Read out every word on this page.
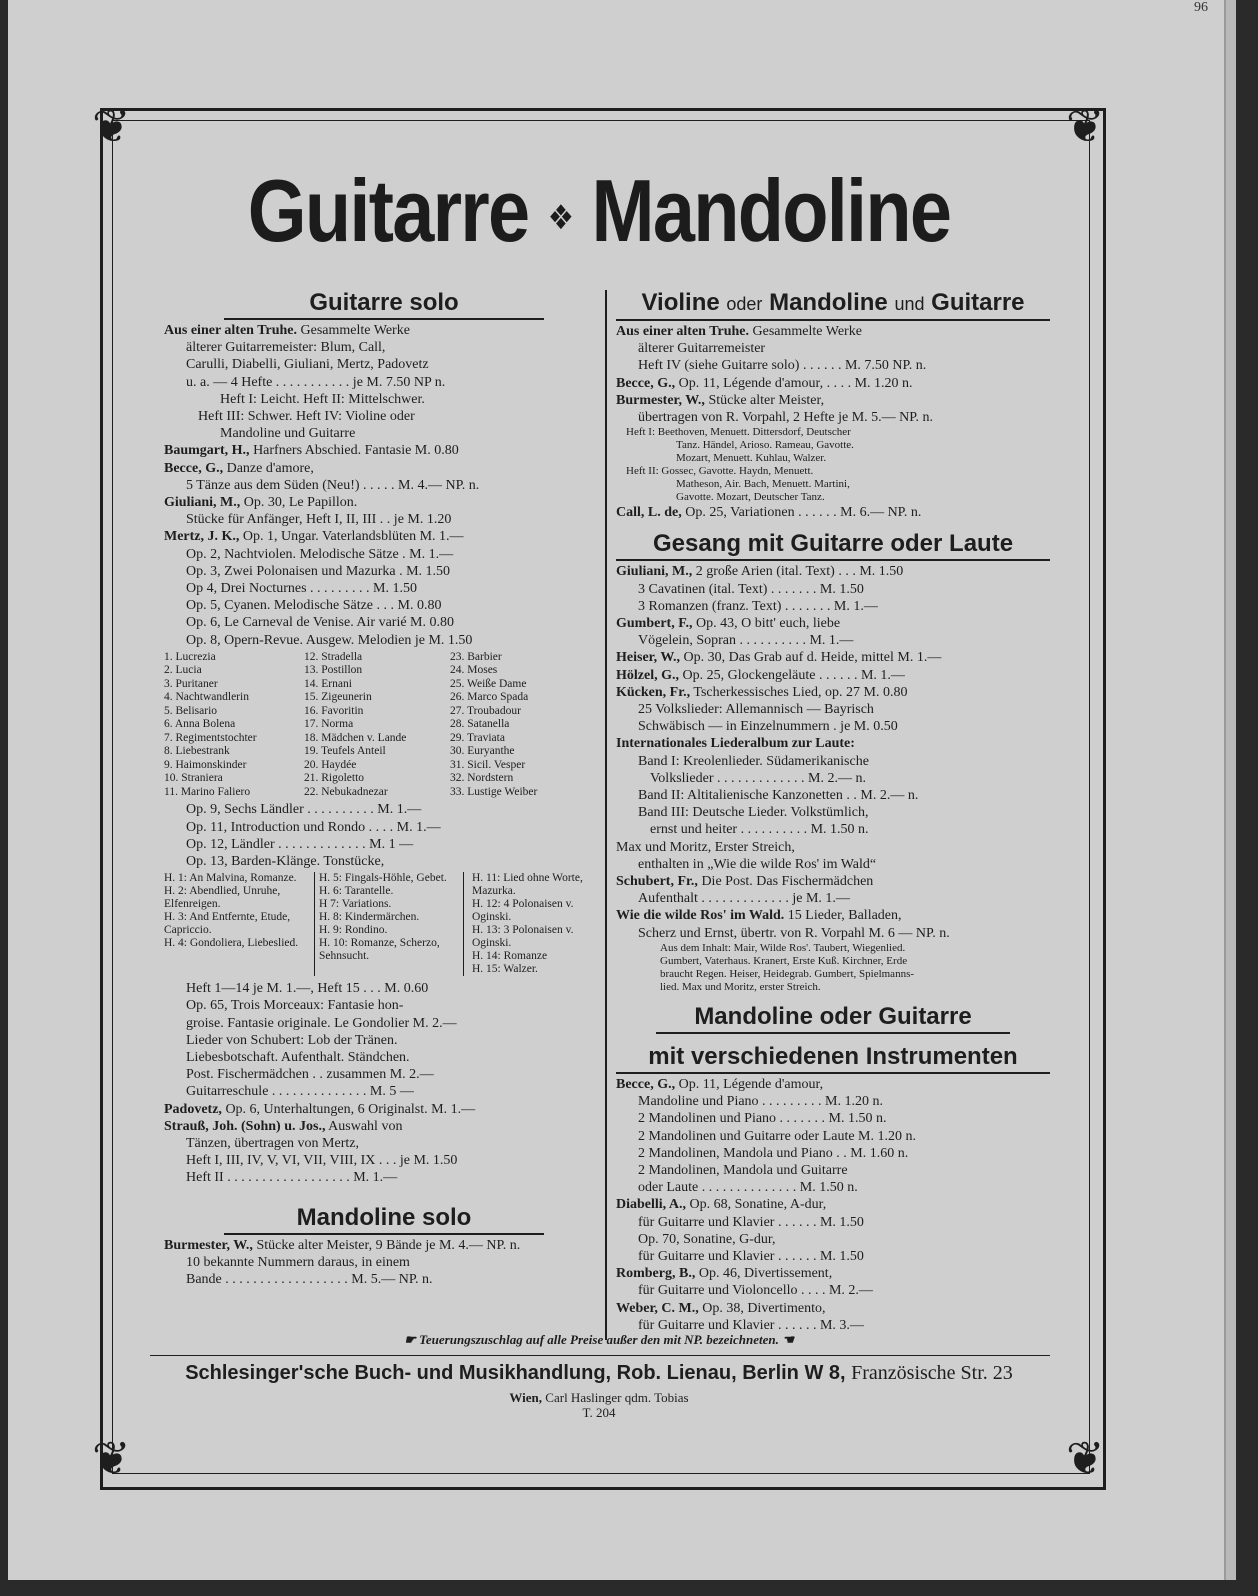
96
❦	❦
❦	❦
Guitarre ❖ Mandoline
Guitarre solo
Aus einer alten Truhe. Gesammelte Werke
älterer Guitarremeister: Blum, Call,
Carulli, Diabelli, Giuliani, Mertz, Padovetz
u. a. — 4 Hefte . . . . . . . . . . . je M. 7.50 NP n.
Heft I: Leicht. Heft II: Mittelschwer.
Heft III: Schwer. Heft IV: Violine oder
Mandoline und Guitarre
Baumgart, H., Harfners Abschied. Fantasie M. 0.80
Becce, G., Danze d'amore,
5 Tänze aus dem Süden (Neu!) . . . . . M. 4.— NP. n.
Giuliani, M., Op. 30, Le Papillon.
Stücke für Anfänger, Heft I, II, III . . je M. 1.20
Mertz, J. K., Op. 1, Ungar. Vaterlandsblüten M. 1.—
Op. 2, Nachtviolen. Melodische Sätze . M. 1.—
Op. 3, Zwei Polonaisen und Mazurka . M. 1.50
Op 4, Drei Nocturnes . . . . . . . . . M. 1.50
Op. 5, Cyanen. Melodische Sätze . . . M. 0.80
Op. 6, Le Carneval de Venise. Air varié M. 0.80
Op. 8, Opern-Revue. Ausgew. Melodien je M. 1.50
1. Lucrezia	12. Stradella	23. Barbier
2. Lucia	13. Postillon	24. Moses
3. Puritaner	14. Ernani	25. Weiße Dame
4. Nachtwandlerin	15. Zigeunerin	26. Marco Spada
5. Belisario	16. Favoritin	27. Troubadour
6. Anna Bolena	17. Norma	28. Satanella
7. Regimentstochter	18. Mädchen v. Lande	29. Traviata
8. Liebestrank	19. Teufels Anteil	30. Euryanthe
9. Haimonskinder	20. Haydée	31. Sicil. Vesper
10. Straniera	21. Rigoletto	32. Nordstern
11. Marino Faliero	22. Nebukadnezar	33. Lustige Weiber
Op. 9, Sechs Ländler . . . . . . . . . . M. 1.—
Op. 11, Introduction und Rondo . . . . M. 1.—
Op. 12, Ländler . . . . . . . . . . . . . M. 1 —
Op. 13, Barden-Klänge. Tonstücke,
H. 1: An Malvina, Romanze.
H. 2: Abendlied, Unruhe, Elfenreigen.
H. 3: And Entfernte, Etude, Capriccio.
H. 4: Gondoliera, Liebeslied.
H. 5: Fingals-Höhle, Gebet.
H. 6: Tarantelle.
H 7: Variations.
H. 8: Kindermärchen.
H. 9: Rondino.
H. 10: Romanze, Scherzo, Sehnsucht.
H. 11: Lied ohne Worte, Mazurka.
H. 12: 4 Polonaisen v. Oginski.
H. 13: 3 Polonaisen v. Oginski.
H. 14: Romanze
H. 15: Walzer.
Heft 1—14 je M. 1.—, Heft 15 . . . M. 0.60
Op. 65, Trois Morceaux: Fantasie hon-
groise. Fantasie originale. Le Gondolier M. 2.—
Lieder von Schubert: Lob der Tränen.
Liebesbotschaft. Aufenthalt. Ständchen.
Post. Fischermädchen . . zusammen M. 2.—
Guitarreschule . . . . . . . . . . . . . . M. 5 —
Padovetz, Op. 6, Unterhaltungen, 6 Originalst. M. 1.—
Strauß, Joh. (Sohn) u. Jos., Auswahl von
Tänzen, übertragen von Mertz,
Heft I, III, IV, V, VI, VII, VIII, IX . . . je M. 1.50
Heft II . . . . . . . . . . . . . . . . . . M. 1.—
Mandoline solo
Burmester, W., Stücke alter Meister, 9 Bände je M. 4.— NP. n.
10 bekannte Nummern daraus, in einem
Bande . . . . . . . . . . . . . . . . . . M. 5.— NP. n.
Violine oder Mandoline und Guitarre
Aus einer alten Truhe. Gesammelte Werke
älterer Guitarremeister
Heft IV (siehe Guitarre solo) . . . . . . M. 7.50 NP. n.
Becce, G., Op. 11, Légende d'amour, . . . . M. 1.20 n.
Burmester, W., Stücke alter Meister,
übertragen von R. Vorpahl, 2 Hefte je M. 5.— NP. n.
Heft I: Beethoven, Menuett. Dittersdorf, Deutscher
Tanz. Händel, Arioso. Rameau, Gavotte.
Mozart, Menuett. Kuhlau, Walzer.
Heft II: Gossec, Gavotte. Haydn, Menuett.
Matheson, Air. Bach, Menuett. Martini,
Gavotte. Mozart, Deutscher Tanz.
Call, L. de, Op. 25, Variationen . . . . . . M. 6.— NP. n.
Gesang mit Guitarre oder Laute
Giuliani, M., 2 große Arien (ital. Text) . . . M. 1.50
3 Cavatinen (ital. Text) . . . . . . . M. 1.50
3 Romanzen (franz. Text) . . . . . . . M. 1.—
Gumbert, F., Op. 43, O bitt' euch, liebe
Vögelein, Sopran . . . . . . . . . . M. 1.—
Heiser, W., Op. 30, Das Grab auf d. Heide, mittel M. 1.—
Hölzel, G., Op. 25, Glockengeläute . . . . . . M. 1.—
Kücken, Fr., Tscherkessisches Lied, op. 27 M. 0.80
25 Volkslieder: Allemannisch — Bayrisch
Schwäbisch — in Einzelnummern . je M. 0.50
Internationales Liederalbum zur Laute:
Band I: Kreolenlieder. Südamerikanische
Volkslieder . . . . . . . . . . . . . M. 2.— n.
Band II: Altitalienische Kanzonetten . . M. 2.— n.
Band III: Deutsche Lieder. Volkstümlich,
ernst und heiter . . . . . . . . . . M. 1.50 n.
Max und Moritz, Erster Streich,
enthalten in „Wie die wilde Ros' im Wald“
Schubert, Fr., Die Post. Das Fischermädchen
Aufenthalt . . . . . . . . . . . . . je M. 1.—
Wie die wilde Ros' im Wald. 15 Lieder, Balladen,
Scherz und Ernst, übertr. von R. Vorpahl M. 6 — NP. n.
Aus dem Inhalt: Mair, Wilde Ros'. Taubert, Wiegenlied.
Gumbert, Vaterhaus. Kranert, Erste Kuß. Kirchner, Erde
braucht Regen. Heiser, Heidegrab. Gumbert, Spielmanns-
lied. Max und Moritz, erster Streich.
Mandoline oder Guitarre
mit verschiedenen Instrumenten
Becce, G., Op. 11, Légende d'amour,
Mandoline und Piano . . . . . . . . . M. 1.20 n.
2 Mandolinen und Piano . . . . . . . M. 1.50 n.
2 Mandolinen und Guitarre oder Laute M. 1.20 n.
2 Mandolinen, Mandola und Piano . . M. 1.60 n.
2 Mandolinen, Mandola und Guitarre
oder Laute . . . . . . . . . . . . . . M. 1.50 n.
Diabelli, A., Op. 68, Sonatine, A-dur,
für Guitarre und Klavier . . . . . . M. 1.50
Op. 70, Sonatine, G-dur,
für Guitarre und Klavier . . . . . . M. 1.50
Romberg, B., Op. 46, Divertissement,
für Guitarre und Violoncello . . . . M. 2.—
Weber, C. M., Op. 38, Divertimento,
für Guitarre und Klavier . . . . . . M. 3.—
☛ Teuerungszuschlag auf alle Preise außer den mit NP. bezeichneten. ☚
Schlesinger'sche Buch- und Musikhandlung, Rob. Lienau, Berlin W 8, Französische Str. 23
Wien, Carl Haslinger qdm. Tobias
T. 204
